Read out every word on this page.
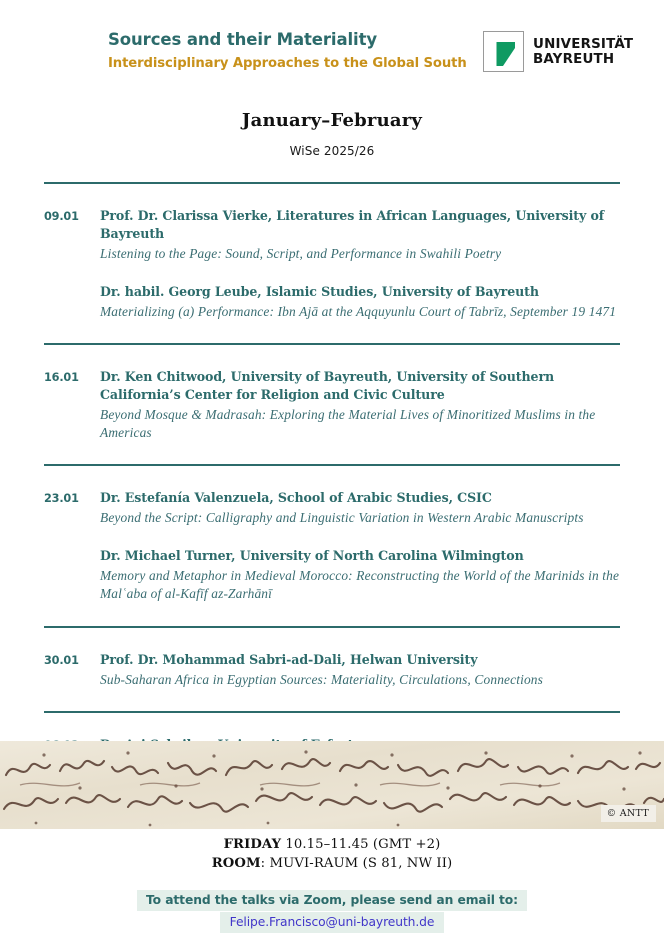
Sources and their Materiality
Interdisciplinary Approaches to the Global South
UNIVERSITÄT
BAYREUTH
January–February
WiSe 2025/26
09.01	Prof. Dr. Clarissa Vierke, Literatures in African Languages, University of Bayreuth
Listening to the Page: Sound, Script, and Performance in Swahili Poetry
Dr. habil. Georg Leube, Islamic Studies, University of Bayreuth
Materializing (a) Performance: Ibn Ajā at the Aqquyunlu Court of Tabrīz, September 19 1471
16.01	Dr. Ken Chitwood, University of Bayreuth, University of Southern California’s Center for Religion and Civic Culture
Beyond Mosque & Madrasah: Exploring the Material Lives of Minoritized Muslims in the Americas
23.01	Dr. Estefanía Valenzuela, School of Arabic Studies, CSIC
Beyond the Script: Calligraphy and Linguistic Variation in Western Arabic Manuscripts
Dr. Michael Turner, University of North Carolina Wilmington
Memory and Metaphor in Medieval Morocco: Reconstructing the World of the Marinids in the Malʿaba of al-Kafīf az-Zarhānī
30.01	Prof. Dr. Mohammad Sabri-ad-Dali, Helwan University
Sub-Saharan Africa in Egyptian Sources: Materiality, Circulations, Connections
© ANTT
FRIDAY 10.15–11.45 (GMT +2)
ROOM: MUVI-RAUM (S 81, NW II)
To attend the talks via Zoom, please send an email to:
Felipe.Francisco@uni-bayreuth.de
